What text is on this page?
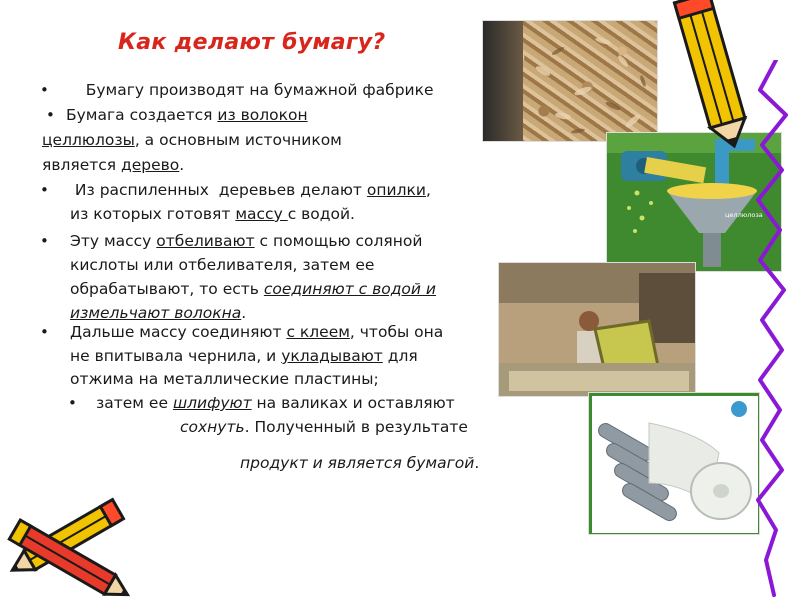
Как делают бумагу?
• Бумагу производят на бумажной фабрике
• Бумага создается из волокон
целлюлозы, а основным источником
является дерево.
• Из распиленных  деревьев делают опилки,
из которых готовят массу с водой.
• Эту массу отбеливают с помощью соляной
кислоты или отбеливателя, затем ее
обрабатывают, то есть соединяют с водой и
измельчают волокна.
• Дальше массу соединяют с клеем, чтобы она
не впитывала чернила, и укладывают для
отжима на металлические пластины;
• затем ее шлифуют на валиках и оставляют
сохнуть. Полученный в результате
продукт и является бумагой.
целлюлоза
